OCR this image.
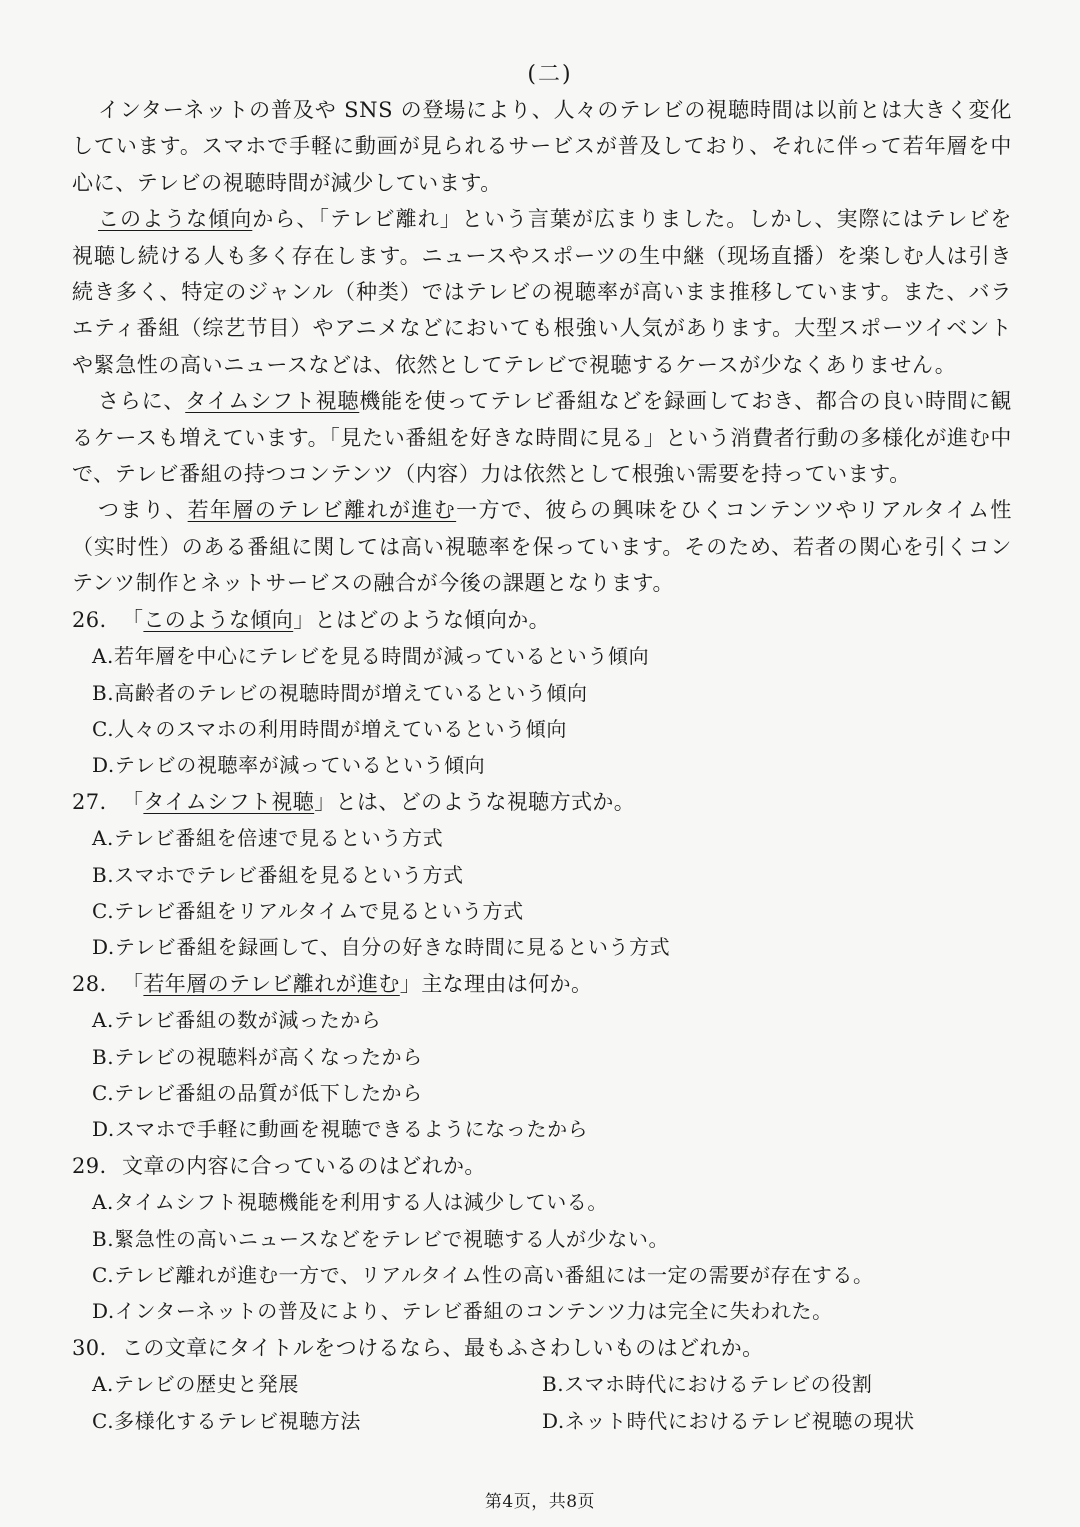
(二)

インターネットの普及や SNS の登場により、人々のテレビの視聴時間は以前とは大きく変化しています。スマホで手軽に動画が見られるサービスが普及しており、それに伴って若年層を中心に、テレビの視聴時間が減少しています。

このような傾向から、「テレビ離れ」という言葉が広まりました。しかし、実際にはテレビを視聴し続ける人も多く存在します。ニュースやスポーツの生中継（现场直播）を楽しむ人は引き続き多く、特定のジャンル（种类）ではテレビの視聴率が高いまま推移しています。また、バラエティ番組（综艺节目）やアニメなどにおいても根強い人気があります。大型スポーツイベントや緊急性の高いニュースなどは、依然としてテレビで視聴するケースが少なくありません。

さらに、タイムシフト視聴機能を使ってテレビ番組などを録画しておき、都合の良い時間に観るケースも増えています。「見たい番組を好きな時間に見る」という消費者行動の多様化が進む中で、テレビ番組の持つコンテンツ（内容）力は依然として根強い需要を持っています。

つまり、若年層のテレビ離れが進む一方で、彼らの興味をひくコンテンツやリアルタイム性（实时性）のある番組に関しては高い視聴率を保っています。そのため、若者の関心を引くコンテンツ制作とネットサービスの融合が今後の課題となります。

26. 「このような傾向」とはどのような傾向か。

A.若年層を中心にテレビを見る時間が減っているという傾向

B.高齢者のテレビの視聴時間が増えているという傾向

C.人々のスマホの利用時間が増えているという傾向

D.テレビの視聴率が減っているという傾向

27. 「タイムシフト視聴」とは、どのような視聴方式か。

A.テレビ番組を倍速で見るという方式

B.スマホでテレビ番組を見るという方式

C.テレビ番組をリアルタイムで見るという方式

D.テレビ番組を録画して、自分の好きな時間に見るという方式

28. 「若年層のテレビ離れが進む」主な理由は何か。

A.テレビ番組の数が減ったから

B.テレビの視聴料が高くなったから

C.テレビ番組の品質が低下したから

D.スマホで手軽に動画を視聴できるようになったから

29. 文章の内容に合っているのはどれか。

A.タイムシフト視聴機能を利用する人は減少している。

B.緊急性の高いニュースなどをテレビで視聴する人が少ない。

C.テレビ離れが進む一方で、リアルタイム性の高い番組には一定の需要が存在する。

D.インターネットの普及により、テレビ番組のコンテンツ力は完全に失われた。

30. この文章にタイトルをつけるなら、最もふさわしいものはどれか。

A.テレビの歴史と発展	B.スマホ時代におけるテレビの役割

C.多様化するテレビ視聴方法	D.ネット時代におけるテレビ視聴の現状

第4页，共8页
